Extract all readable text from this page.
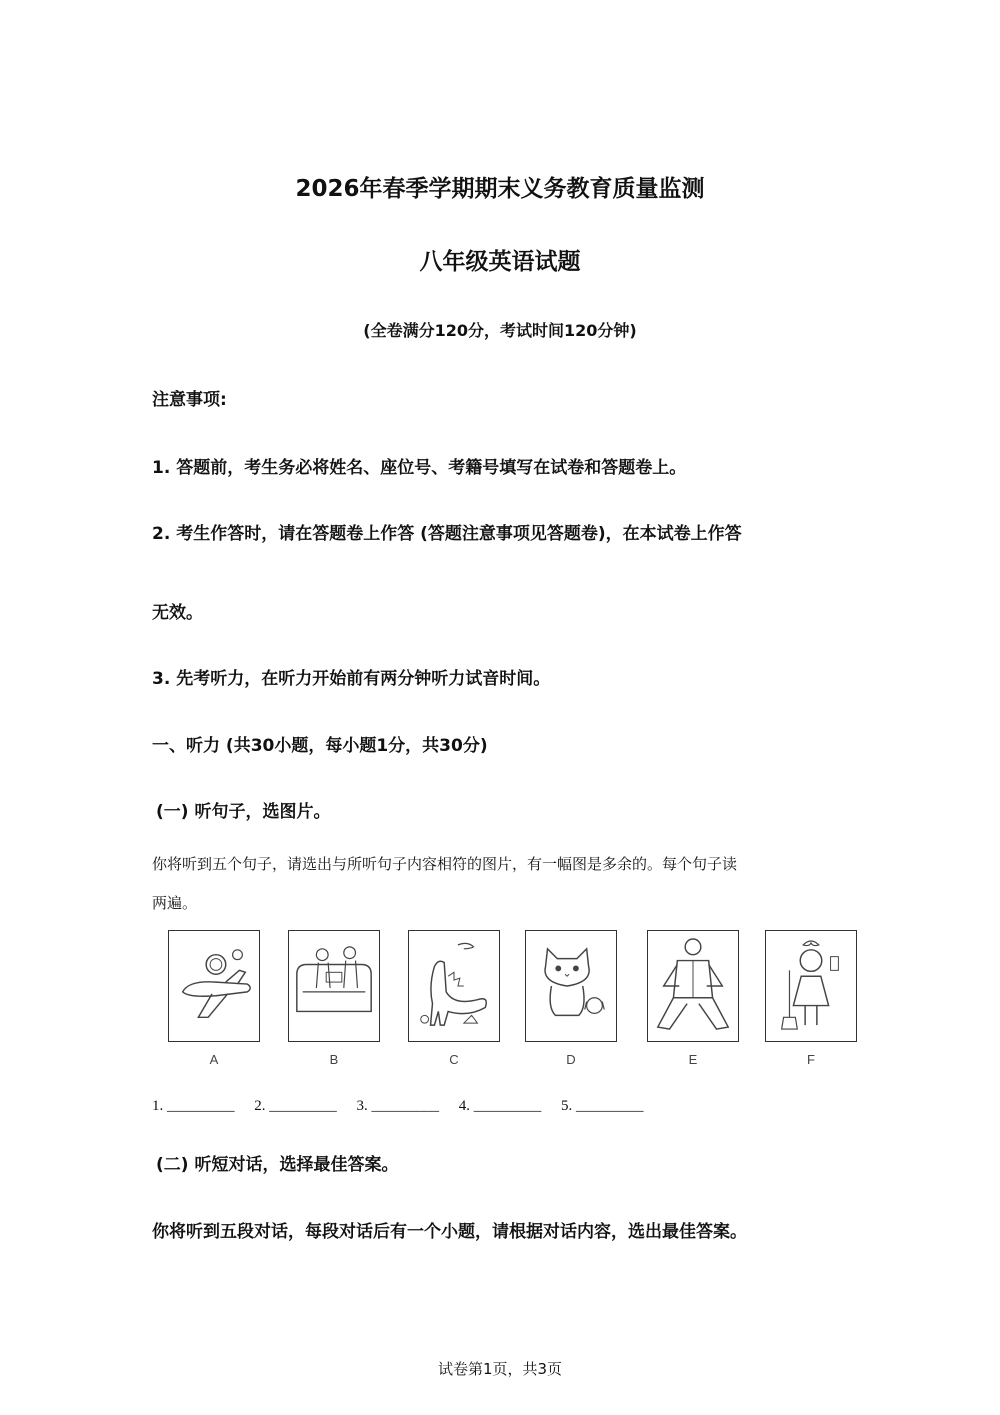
2026年春季学期期末义务教育质量监测
八年级英语试题
(全卷满分120分，考试时间120分钟)
注意事项:
1. 答题前，考生务必将姓名、座位号、考籍号填写在试卷和答题卷上。
2. 考生作答时，请在答题卷上作答 (答题注意事项见答题卷)，在本试卷上作答
无效。
3. 先考听力，在听力开始前有两分钟听力试音时间。
一、听力 (共30小题，每小题1分，共30分)
(一) 听句子，选图片。
你将听到五个句子，请选出与所听句子内容相符的图片，有一幅图是多余的。每个句子读
两遍。
A	B	C	D	E	F
1. _________ 2. _________ 3. _________ 4. _________ 5. _________
(二) 听短对话，选择最佳答案。
你将听到五段对话，每段对话后有一个小题，请根据对话内容，选出最佳答案。
试卷第1页，共3页
